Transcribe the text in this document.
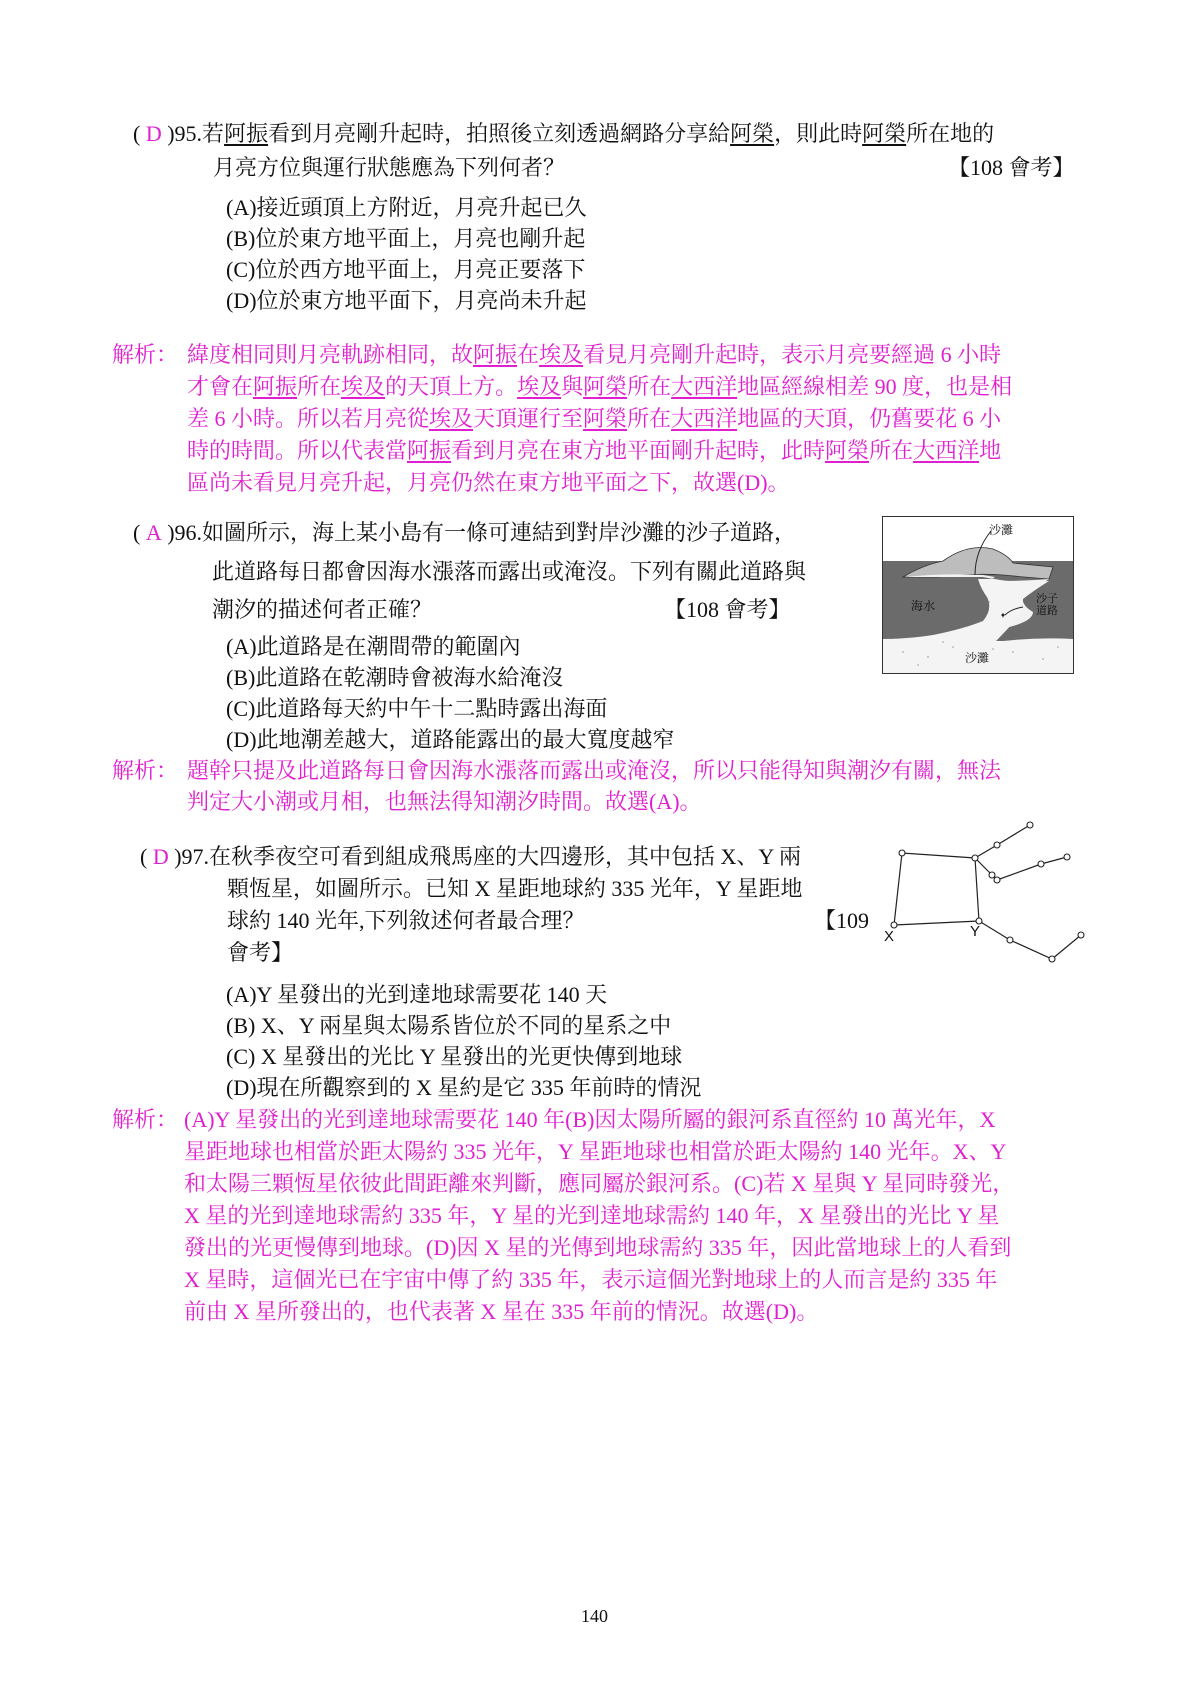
( D )95.若阿振看到月亮剛升起時，拍照後立刻透過網路分享給阿榮，則此時阿榮所在地的
月亮方位與運行狀態應為下列何者？	【108 會考】
(A)接近頭頂上方附近，月亮升起已久
(B)位於東方地平面上，月亮也剛升起
(C)位於西方地平面上，月亮正要落下
(D)位於東方地平面下，月亮尚未升起
解析： 緯度相同則月亮軌跡相同，故阿振在埃及看見月亮剛升起時，表示月亮要經過 6 小時
才會在阿振所在埃及的天頂上方。埃及與阿榮所在大西洋地區經線相差 90 度，也是相
差 6 小時。所以若月亮從埃及天頂運行至阿榮所在大西洋地區的天頂，仍舊要花 6 小
時的時間。所以代表當阿振看到月亮在東方地平面剛升起時，此時阿榮所在大西洋地
區尚未看見月亮升起，月亮仍然在東方地平面之下，故選(D)。
( A )96.如圖所示，海上某小島有一條可連結到對岸沙灘的沙子道路，
此道路每日都會因海水漲落而露出或淹沒。下列有關此道路與
潮汐的描述何者正確？	【108 會考】
(A)此道路是在潮間帶的範圍內
(B)此道路在乾潮時會被海水給淹沒
(C)此道路每天約中午十二點時露出海面
(D)此地潮差越大，道路能露出的最大寬度越窄
沙灘
海水	沙子道路
沙灘
解析： 題幹只提及此道路每日會因海水漲落而露出或淹沒，所以只能得知與潮汐有關，無法
判定大小潮或月相，也無法得知潮汐時間。故選(A)。
( D )97.在秋季夜空可看到組成飛馬座的大四邊形，其中包括 X、Y 兩
顆恆星，如圖所示。已知 X 星距地球約 335 光年，Y 星距地
球約 140 光年,下列敘述何者最合理？	【109
會考】
X	Y
(A)Y 星發出的光到達地球需要花 140 天
(B) X、Y 兩星與太陽系皆位於不同的星系之中
(C) X 星發出的光比 Y 星發出的光更快傳到地球
(D)現在所觀察到的 X 星約是它 335 年前時的情況
解析： (A)Y 星發出的光到達地球需要花 140 年(B)因太陽所屬的銀河系直徑約 10 萬光年，X
星距地球也相當於距太陽約 335 光年，Y 星距地球也相當於距太陽約 140 光年。X、Y
和太陽三顆恆星依彼此間距離來判斷，應同屬於銀河系。(C)若 X 星與 Y 星同時發光，
X 星的光到達地球需約 335 年，Y 星的光到達地球需約 140 年，X 星發出的光比 Y 星
發出的光更慢傳到地球。(D)因 X 星的光傳到地球需約 335 年，因此當地球上的人看到
X 星時，這個光已在宇宙中傳了約 335 年，表示這個光對地球上的人而言是約 335 年
前由 X 星所發出的，也代表著 X 星在 335 年前的情況。故選(D)。
140
